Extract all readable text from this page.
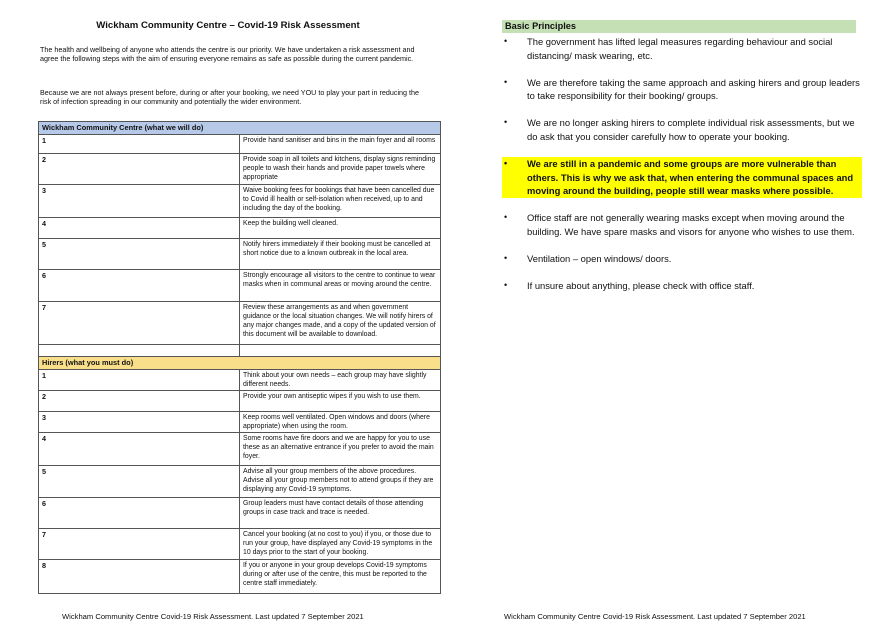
Wickham Community Centre – Covid-19 Risk Assessment

The health and wellbeing of anyone who attends the centre is our priority. We have undertaken a risk assessment and agree the following steps with the aim of ensuring everyone remains as safe as possible during the current pandemic.

Because we are not always present before, during or after your booking, we need YOU to play your part in reducing the risk of infection spreading in our community and potentially the wider environment.

Wickham Community Centre (what we will do)	
1	Provide hand sanitiser and bins in the main foyer and all rooms
2	Provide soap in all toilets and kitchens, display signs reminding people to wash their hands and provide paper towels where appropriate
3	Waive booking fees for bookings that have been cancelled due to Covid ill health or self-isolation when received, up to and including the day of the booking.
4	Keep the building well cleaned.
5	Notify hirers immediately if their booking must be cancelled at short notice due to a known outbreak in the local area.
6	Strongly encourage all visitors to the centre to continue to wear masks when in communal areas or moving around the centre.
7	Review these arrangements as and when government guidance or the local situation changes. We will notify hirers of any major changes made, and a copy of the updated version of this document will be available to download.

Hirers (what you must do)	
1	Think about your own needs – each group may have slightly different needs.
2	Provide your own antiseptic wipes if you wish to use them.
3	Keep rooms well ventilated. Open windows and doors (where appropriate) when using the room.
4	Some rooms have fire doors and we are happy for you to use these as an alternative entrance if you prefer to avoid the main foyer.
5	Advise all your group members of the above procedures. Advise all your group members not to attend groups if they are displaying any Covid-19 symptoms.
6	Group leaders must have contact details of those attending groups in case track and trace is needed.
7	Cancel your booking (at no cost to you) if you, or those due to run your group, have displayed any Covid-19 symptoms in the 10 days prior to the start of your booking.
8	If you or anyone in your group develops Covid-19 symptoms during or after use of the centre, this must be reported to the centre staff immediately.
Wickham Community Centre Covid-19 Risk Assessment. Last updated 7 September 2021
Basic Principles
• The government has lifted legal measures regarding behaviour and social distancing/ mask wearing, etc.
• We are therefore taking the same approach and asking hirers and group leaders to take responsibility for their booking/ groups.
• We are no longer asking hirers to complete individual risk assessments, but we do ask that you consider carefully how to operate your booking.
• We are still in a pandemic and some groups are more vulnerable than others. This is why we ask that, when entering the communal spaces and moving around the building, people still wear masks where possible.
• Office staff are not generally wearing masks except when moving around the building. We have spare masks and visors for anyone who wishes to use them.
• Ventilation – open windows/ doors.
• If unsure about anything, please check with office staff.
Wickham Community Centre Covid-19 Risk Assessment. Last updated 7 September 2021
